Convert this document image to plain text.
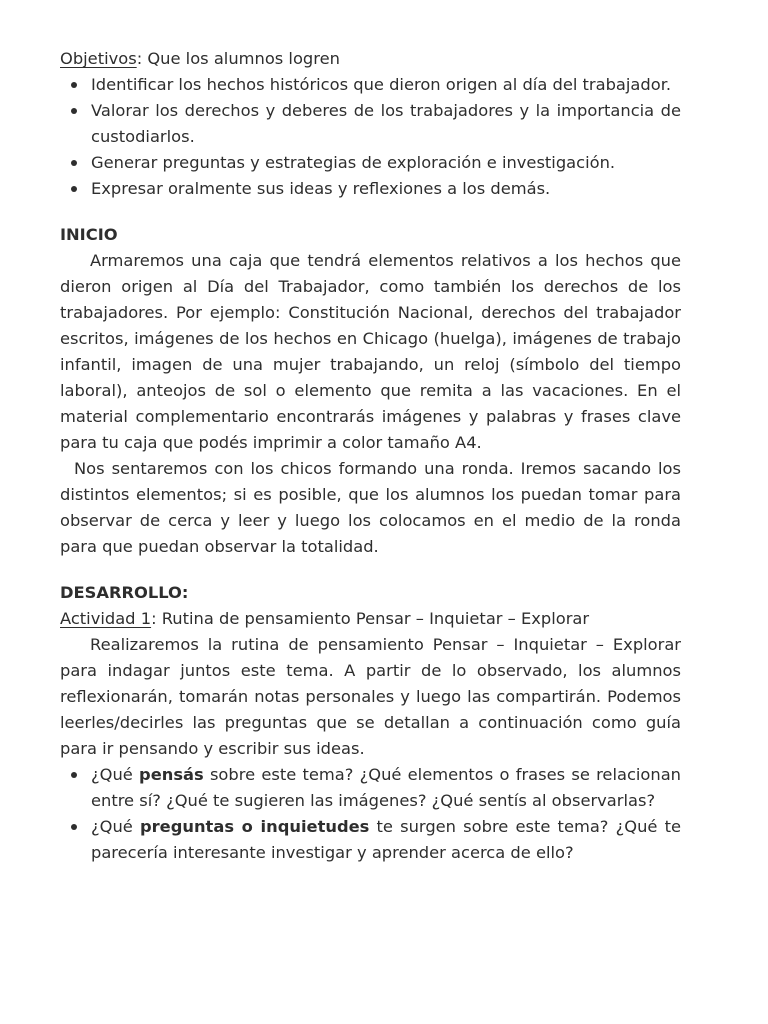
Objetivos: Que los alumnos logren

Identificar los hechos históricos que dieron origen al día del trabajador.
Valorar los derechos y deberes de los trabajadores y la importancia de custodiarlos.
Generar preguntas y estrategias de exploración e investigación.
Expresar oralmente sus ideas y reflexiones a los demás.

INICIO

Armaremos una caja que tendrá elementos relativos a los hechos que dieron origen al Día del Trabajador, como también los derechos de los trabajadores. Por ejemplo: Constitución Nacional, derechos del trabajador escritos, imágenes de los hechos en Chicago (huelga), imágenes de trabajo infantil, imagen de una mujer trabajando, un reloj (símbolo del tiempo laboral), anteojos de sol o elemento que remita a las vacaciones. En el material complementario encontrarás imágenes y palabras y frases clave para tu caja que podés imprimir a color tamaño A4.

Nos sentaremos con los chicos formando una ronda. Iremos sacando los distintos elementos; si es posible, que los alumnos los puedan tomar para observar de cerca y leer y luego los colocamos en el medio de la ronda para que puedan observar la totalidad.

DESARROLLO:

Actividad 1: Rutina de pensamiento Pensar – Inquietar – Explorar

Realizaremos la rutina de pensamiento Pensar – Inquietar – Explorar para indagar juntos este tema. A partir de lo observado, los alumnos reflexionarán, tomarán notas personales y luego las compartirán. Podemos leerles/decirles las preguntas que se detallan a continuación como guía para ir pensando y escribir sus ideas.

¿Qué pensás sobre este tema? ¿Qué elementos o frases se relacionan entre sí? ¿Qué te sugieren las imágenes? ¿Qué sentís al observarlas?
¿Qué preguntas o inquietudes te surgen sobre este tema? ¿Qué te parecería interesante investigar y aprender acerca de ello?
